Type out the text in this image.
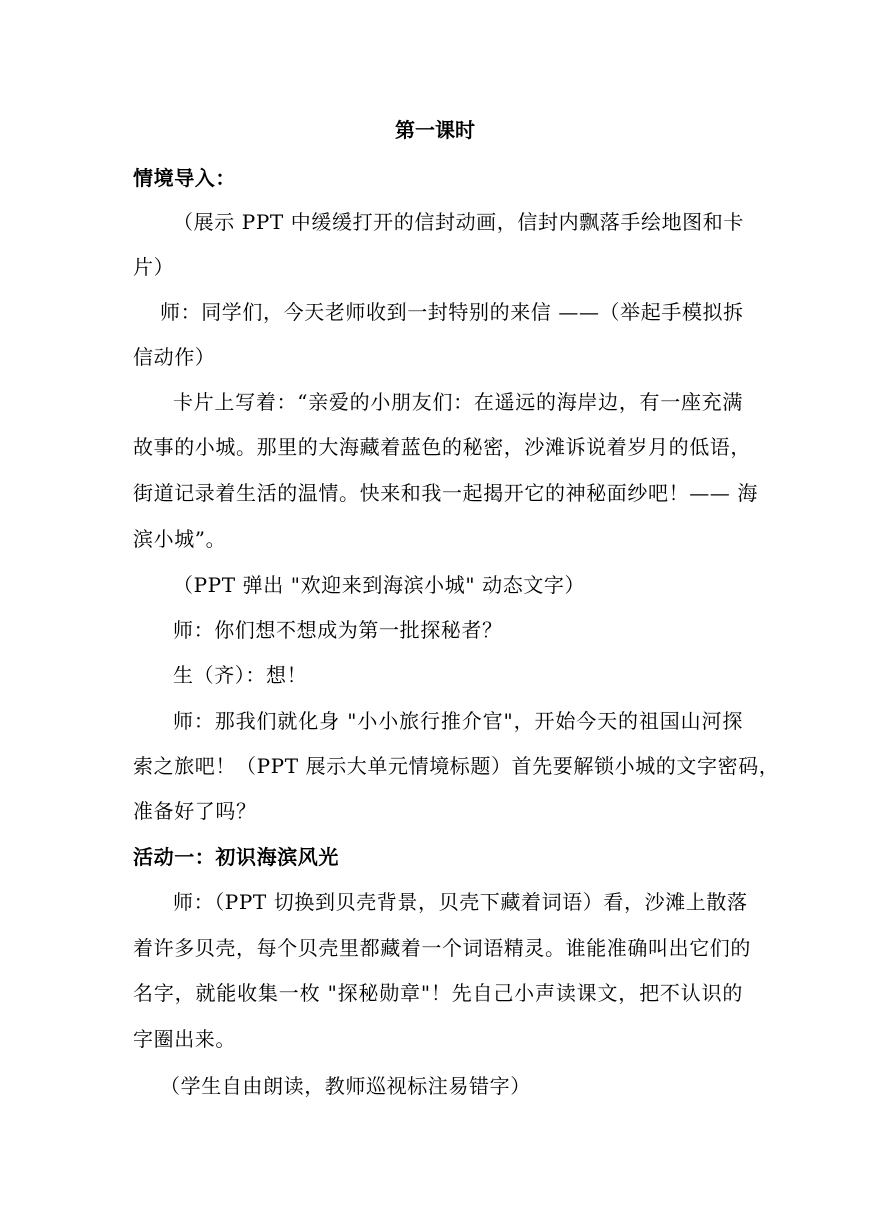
第一课时
情境导入：
（展示 PPT 中缓缓打开的信封动画，信封内飘落手绘地图和卡
片）
师：同学们，今天老师收到一封特别的来信 ——（举起手模拟拆
信动作）
卡片上写着：“亲爱的小朋友们：在遥远的海岸边，有一座充满
故事的小城。那里的大海藏着蓝色的秘密，沙滩诉说着岁月的低语，
街道记录着生活的温情。快来和我一起揭开它的神秘面纱吧！—— 海
滨小城”。
（PPT 弹出 "欢迎来到海滨小城" 动态文字）
师：你们想不想成为第一批探秘者？
生（齐）：想！
师：那我们就化身 "小小旅行推介官"，开始今天的祖国山河探
索之旅吧！（PPT 展示大单元情境标题）首先要解锁小城的文字密码，
准备好了吗？
活动一：初识海滨风光
师：（PPT 切换到贝壳背景，贝壳下藏着词语）看，沙滩上散落
着许多贝壳，每个贝壳里都藏着一个词语精灵。谁能准确叫出它们的
名字，就能收集一枚 "探秘勋章"！先自己小声读课文，把不认识的
字圈出来。
（学生自由朗读，教师巡视标注易错字）
